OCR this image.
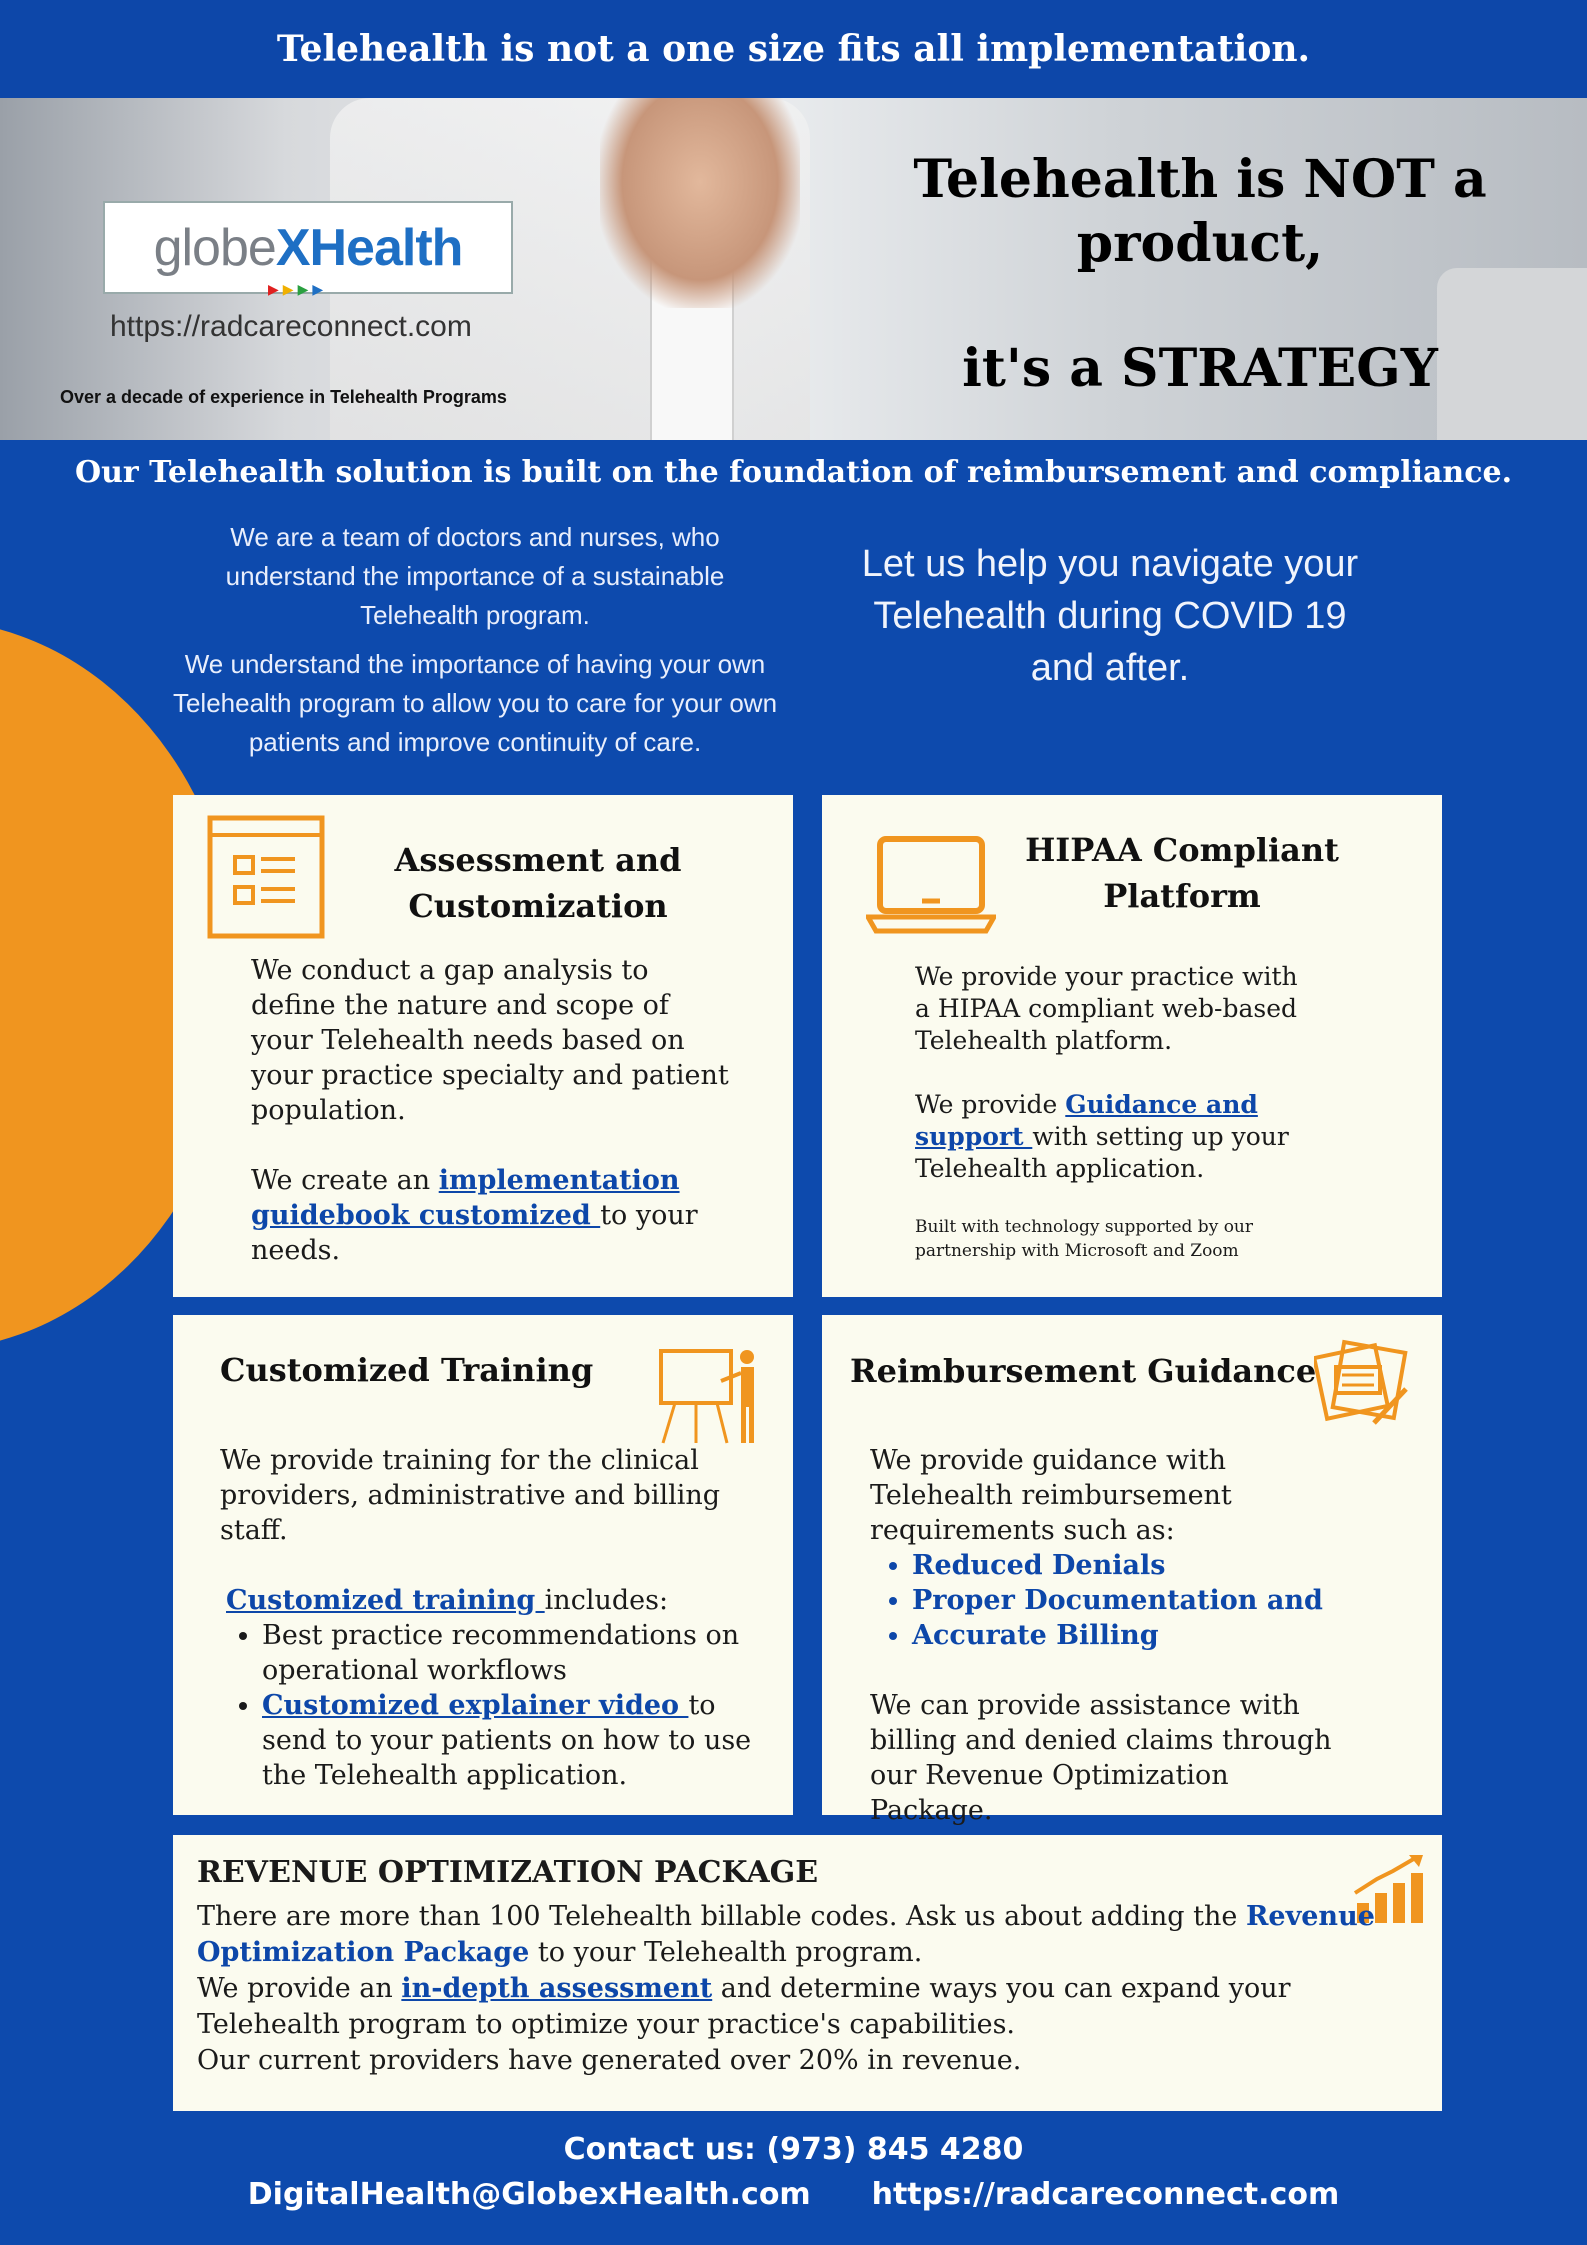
Telehealth is not a one size fits all implementation.
globe X Health
▶▶▶▶
https://radcareconnect.com
Over a decade of experience in Telehealth Programs
Telehealth is NOT a
product,
it's a STRATEGY
Our Telehealth solution is built on the foundation of reimbursement and compliance.

We are a team of doctors and nurses, who understand the importance of a sustainable Telehealth program.

We understand the importance of having your own Telehealth program to allow you to care for your own patients and improve continuity of care.

Let us help you navigate your Telehealth during COVID 19 and after.
Assessment and
Customization
We conduct a gap analysis to define the nature and scope of your Telehealth needs based on your practice specialty and patient population.
We create an implementation guidebook customized to your needs.
HIPAA Compliant
Platform
We provide your practice with a HIPAA compliant web-based Telehealth platform.
We provide Guidance and support with setting up your Telehealth application.
Built with technology supported by our partnership with Microsoft and Zoom
Customized Training
We provide training for the clinical providers, administrative and billing staff.
Customized training includes:
• Best practice recommendations on operational workflows
• Customized explainer video to send to your patients on how to use the Telehealth application.
Reimbursement Guidance
We provide guidance with Telehealth reimbursement requirements such as:
• Reduced Denials
• Proper Documentation and
• Accurate Billing
We can provide assistance with billing and denied claims through our Revenue Optimization Package.
REVENUE OPTIMIZATION PACKAGE
There are more than 100 Telehealth billable codes. Ask us about adding the Revenue Optimization Package to your Telehealth program.
We provide an in-depth assessment and determine ways you can expand your Telehealth program to optimize your practice's capabilities.
Our current providers have generated over 20% in revenue.
Contact us: (973) 845 4280
DigitalHealth@GlobexHealth.com https://radcareconnect.com
